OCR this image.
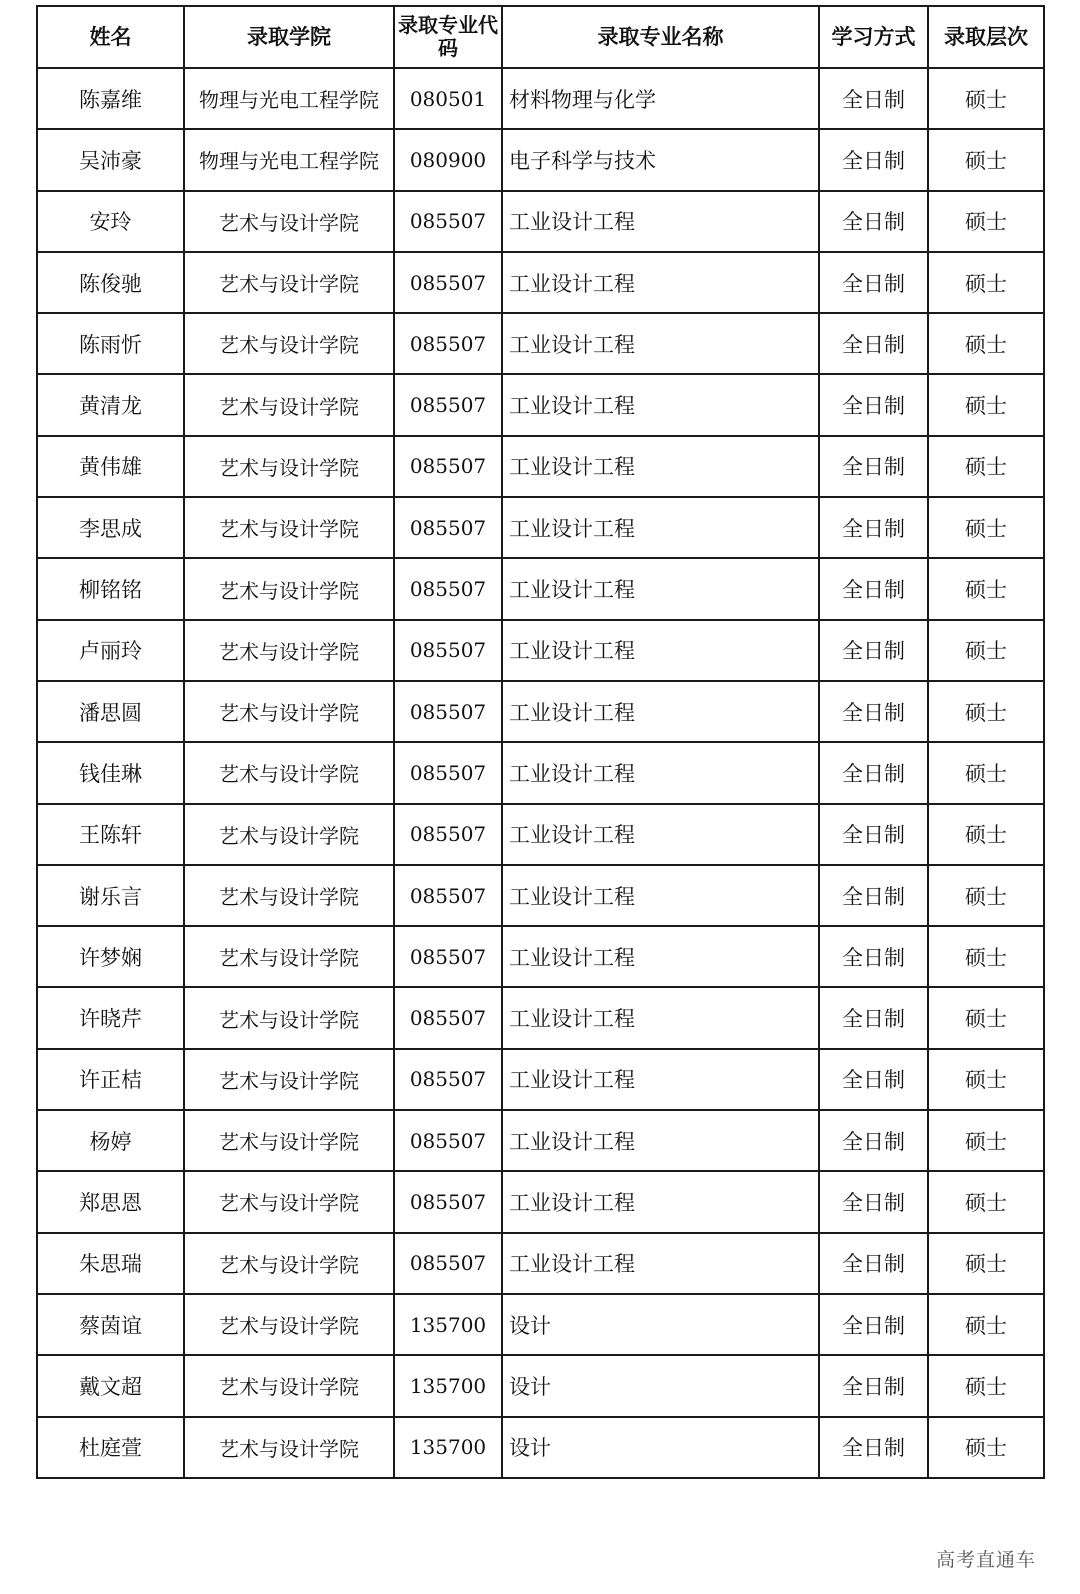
姓名	录取学院	录取专业代码	录取专业名称	学习方式	录取层次
陈嘉维	物理与光电工程学院	080501	材料物理与化学	全日制	硕士
吴沛豪	物理与光电工程学院	080900	电子科学与技术	全日制	硕士
安玲	艺术与设计学院	085507	工业设计工程	全日制	硕士
陈俊驰	艺术与设计学院	085507	工业设计工程	全日制	硕士
陈雨忻	艺术与设计学院	085507	工业设计工程	全日制	硕士
黄清龙	艺术与设计学院	085507	工业设计工程	全日制	硕士
黄伟雄	艺术与设计学院	085507	工业设计工程	全日制	硕士
李思成	艺术与设计学院	085507	工业设计工程	全日制	硕士
柳铭铭	艺术与设计学院	085507	工业设计工程	全日制	硕士
卢丽玲	艺术与设计学院	085507	工业设计工程	全日制	硕士
潘思圆	艺术与设计学院	085507	工业设计工程	全日制	硕士
钱佳琳	艺术与设计学院	085507	工业设计工程	全日制	硕士
王陈轩	艺术与设计学院	085507	工业设计工程	全日制	硕士
谢乐言	艺术与设计学院	085507	工业设计工程	全日制	硕士
许梦娴	艺术与设计学院	085507	工业设计工程	全日制	硕士
许晓芹	艺术与设计学院	085507	工业设计工程	全日制	硕士
许正桔	艺术与设计学院	085507	工业设计工程	全日制	硕士
杨婷	艺术与设计学院	085507	工业设计工程	全日制	硕士
郑思恩	艺术与设计学院	085507	工业设计工程	全日制	硕士
朱思瑞	艺术与设计学院	085507	工业设计工程	全日制	硕士
蔡茵谊	艺术与设计学院	135700	设计	全日制	硕士
戴文超	艺术与设计学院	135700	设计	全日制	硕士
杜庭萱	艺术与设计学院	135700	设计	全日制	硕士
高考直通车
